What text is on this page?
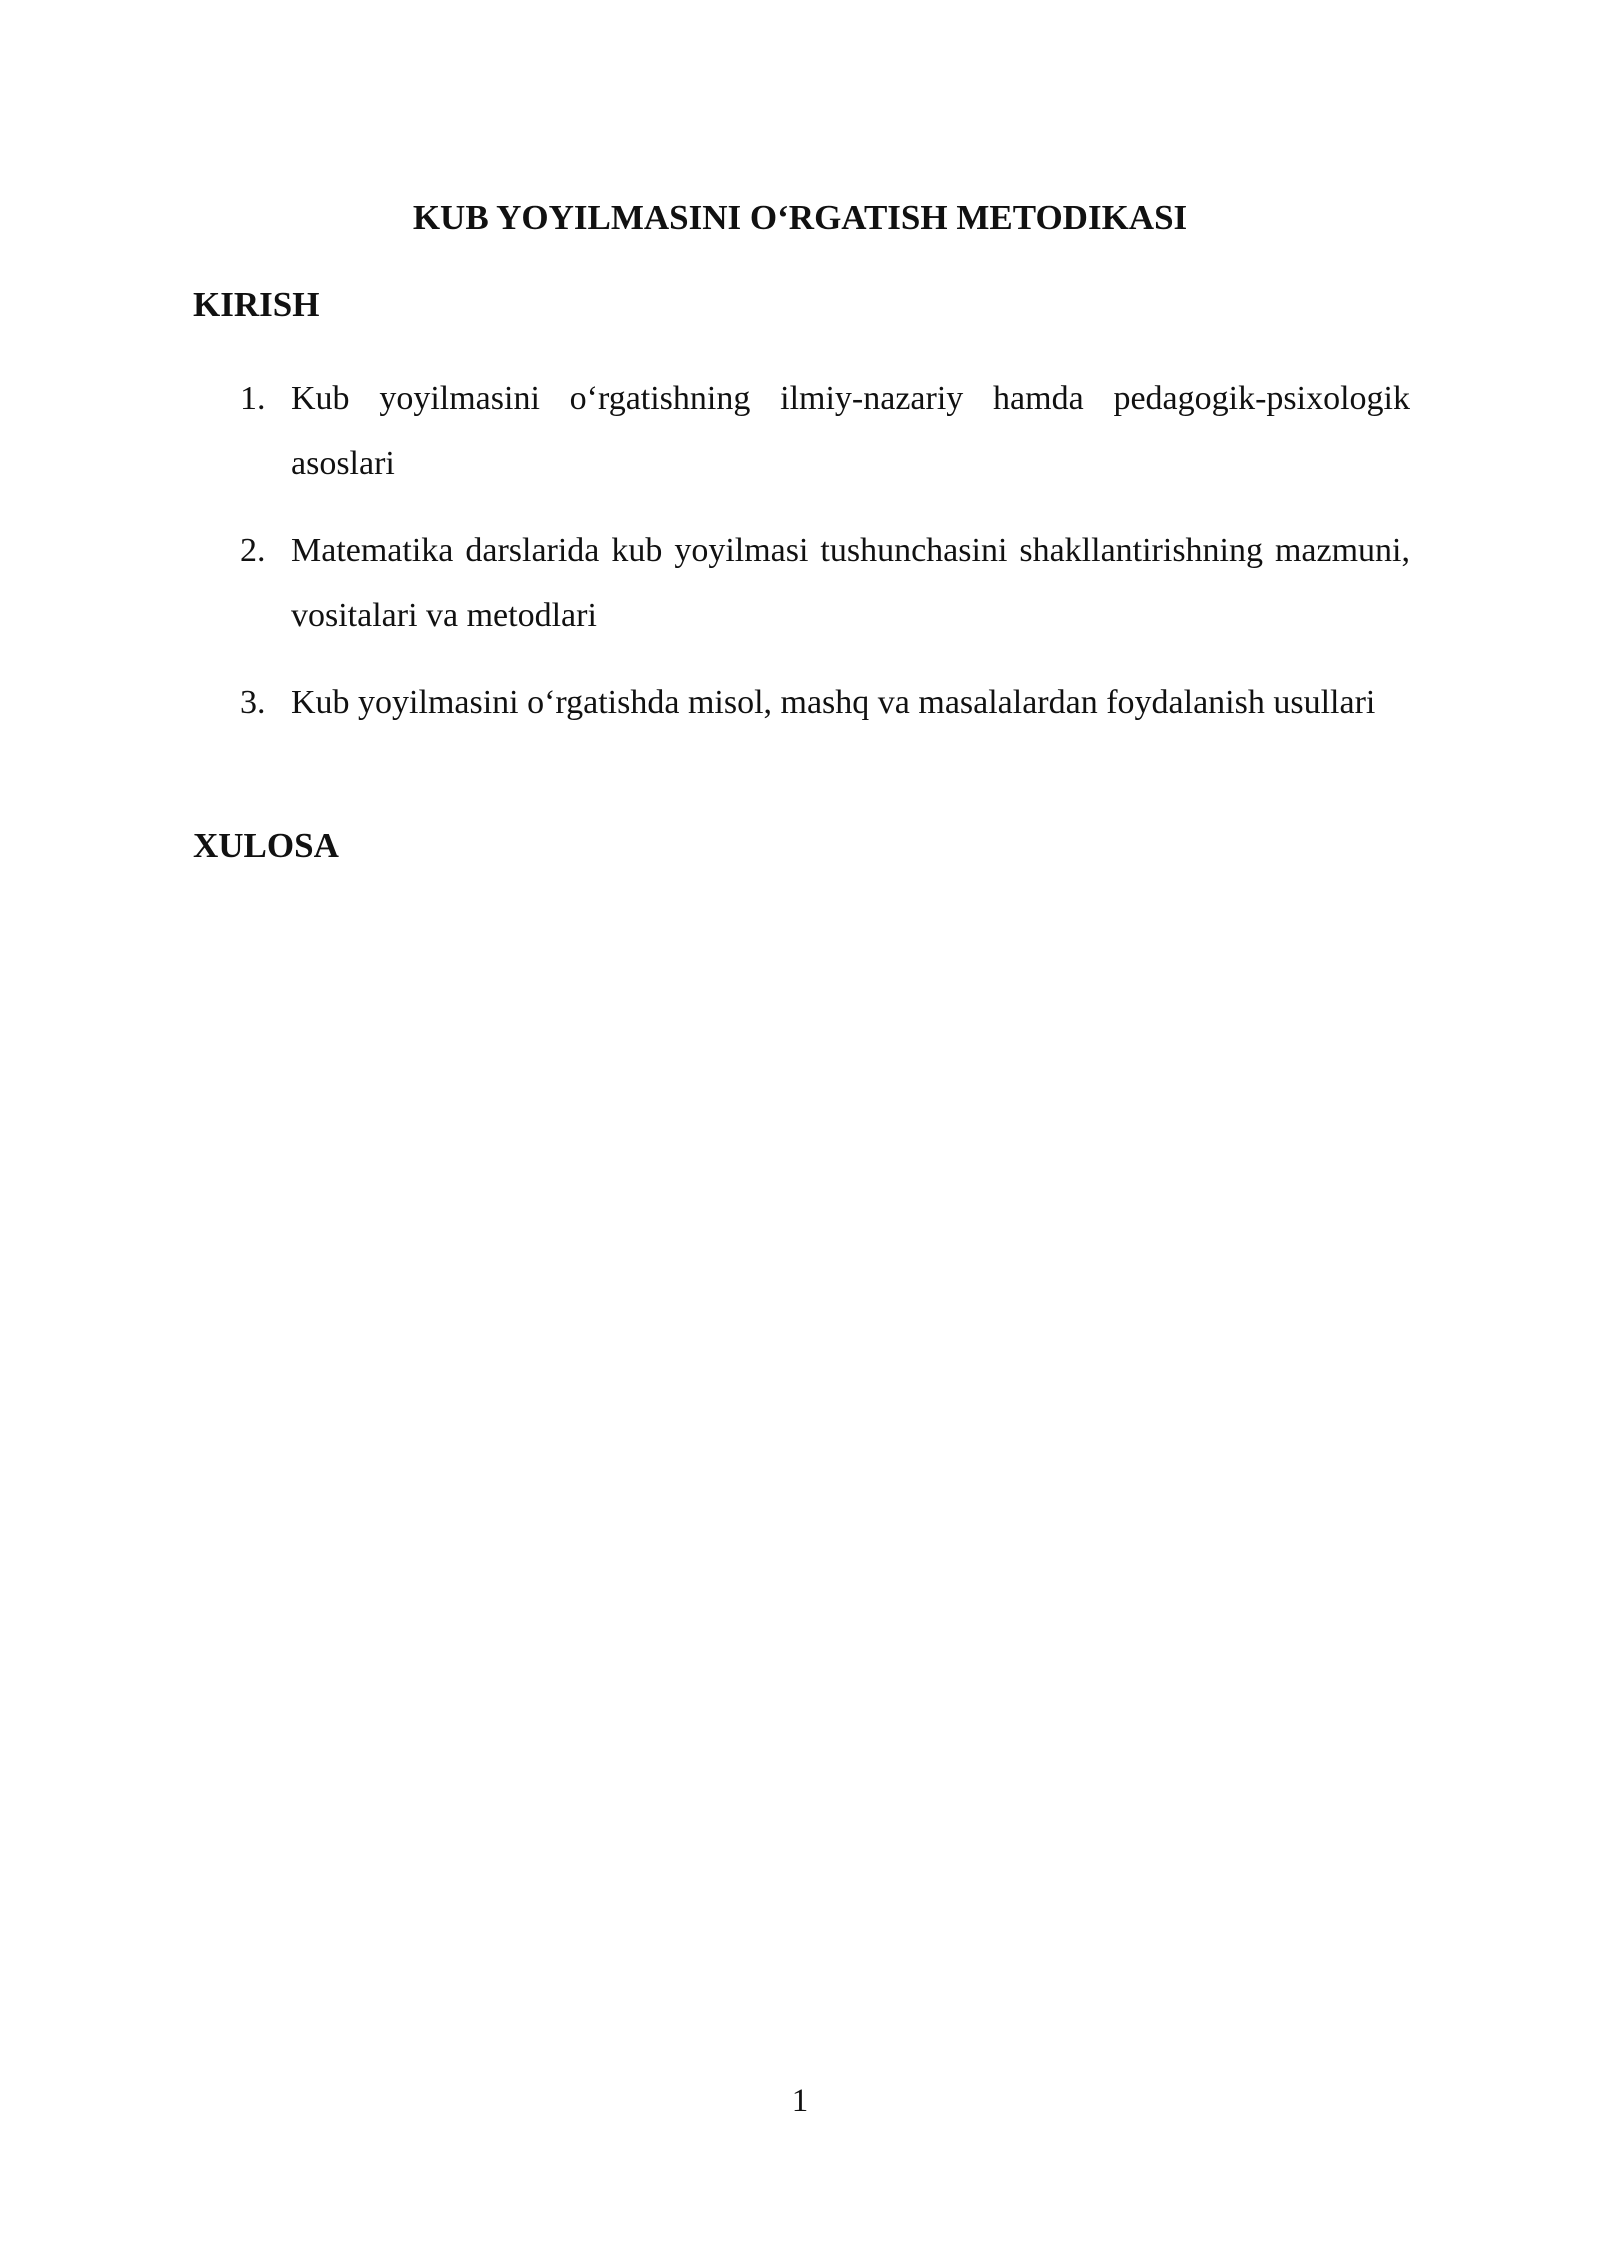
KUB YOYILMASINI O‘RGATISH METODIKASI
KIRISH
1. Kub yoyilmasini o‘rgatishning ilmiy-nazariy hamda pedagogik-psixologik asoslari
2. Matematika darslarida kub yoyilmasi tushunchasini shakllantirishning mazmuni, vositalari va metodlari
3. Kub yoyilmasini o‘rgatishda misol, mashq va masalalardan foydalanish usullari
XULOSA
1
